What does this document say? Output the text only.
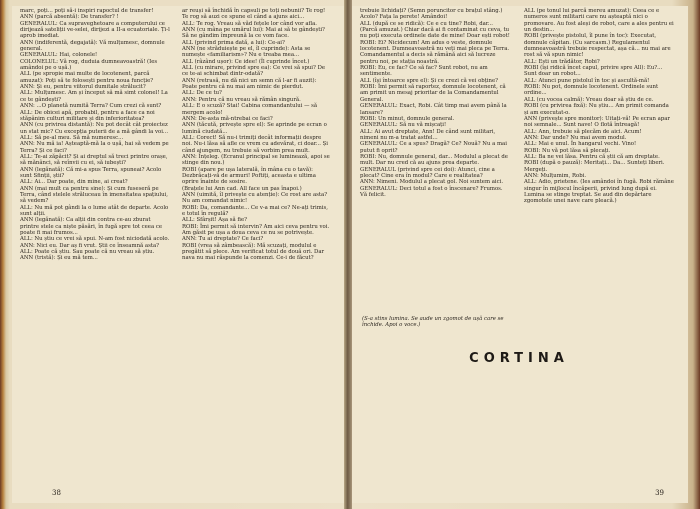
marc, poți... poți să-i inspiri rapoctul de transfer!

ANN (parcă absentă): De transfer? !

GENERALUL: Ca supraveghetoare a computerului ce dirijează sateliții ve-selei, dirijezi a II-a ecuatoriale. Ți-l aprob imediat.

ANN (indiferentă, degajată): Vă mulțumesc, domnule general.

GENERALUL: Hai, colonele!

COLONELUL: Vă rog, duduia dumneavoastră! (Ies amândoi pe o ușă.)

ALL (pe spropie mai multe de locotenent, parcă amuzat): Poți să te folosești pentru noua funcție?

ANN: Și eu, pentru viitorul dumitale strălucit?

ALL: Mulțumesc. Am și început să mă simt colonel! La ce te gândești?

ANN: ...O planetă numită Terra? Cum crezi că sunt?

ALL: De obicei apă, probabil, pentru a face ca noi stăpânim culturi militare și din inferioritatea?

ANN (cu privirea distantă): Nu pot decât cât proiectez un stat mic? Cu excepția puterii de a mă gândi la voi...

ALL: Să pe-al meu. Să mă numeresc...

ANN: Nu mă ia! Așteaptă-mă la o ușă, hai să vedem pe Terra? Și ce faci?

ALL: Te-ai zăpăcit? Și ai dreptul să treci printre orașe, să mănânci, să reînvii cu ei, să iubești?

ANN (legănată): Că mi-a spus Terra, spuneai? Acolo sunt Sfinții, știi?

ALL: Ai... Dar poate, din mine, ai creat?

ANN (mai mult ca pentru sine): Și cum fuseseră pe Terra, când stelele străluceau în imensitatea spațiului, să vedem?

ALL: Nu mă pot gândi la o lume atât de departe. Acolo sunt alții.

ANN (legănată): Ca alții din contra ce-au zburat printre stele ca niște păsări, în fugă spre tot ceea ce poate fi mai frumos...

ALL: Nu știu ce vrei să spui. N-am fost niciodată acolo.

ANN: Nici eu. Dar aș fi vrut. Știi ce înseamnă asta?

ALL: Poate că știu. Sau poate că nu vreau să știu.

ANN (tristă): Și eu mă tem...

ar reuși să închidă în capsuli pe toți nebunii? Te rog! Te rog să auzi ce spune el când a ajuns aici...

ALL: Te rog. Vreau să văd fețele lor când vor afla.

ANN (cu mâna pe umărul lui): Mai ai să te gândești? Să ne gândim împreună la ce vom face.

ALL (privind prima dată, a lui): Ce-ai?

ANN (ne străduiește pe el, îl cuprinde): Asta se numește «familiarism»? Nu e treaba mea...

ALL (râzând ușor): Ce idee! (Îl cuprinde încet.)

ALL (cu mirare, privind spre ea): Ce vrei să spui? De ce te-ai schimbat dintr-odată?

ANN (retrasă, nu dă nici un semn că l-ar fi auzit): Poate pentru că nu mai am nimic de pierdut.

ALL: De ce tu?

ANN: Pentru că nu vreau să rămân singură.

ALL: E o scuză? Stai! Cabina comandantului — să mergem acolo!

ANN: De-asta mă-ntrebai ce faci?

ANN (tăcută, privește spre el): Se aprinde pe ecran o lumină ciudată...

ALL: Corect! Să nu-i trimiți decât informații despre noi. Nu-i lăsa să afle ce vrem cu adevărat, ci doar... Și când ajungem, nu trebuie să vorbim prea mult.

ANN: Înțeleg. (Ecranul principal se luminează, apoi se stinge din nou.)

ROBI (apare pe ușa laterală, în mâna cu o tavă): Dezbrăcați-vă de armuri! Poftiți, aceasta e ultima oprire înainte de sosire.

(Brațele lui Ann cad. All face un pas înapoi.)

ANN (uimită, îl privește cu atenție): Ce rost are asta? Nu am comandat nimic!

ROBI: Da, comandante... Ce v-a mai ce? Ne-ați trimis, e totul în regulă?

ALL: Sfârșit! Așa să fie?

ROBI: Îmi permit să intervin? Am aici ceva pentru voi. Am găsit pe ușa a doua ceva ce nu se potrivește.

ANN: Tu ai dreptate? Ce faci?

ROBI (vrea să zâmbească): Mă scuzați, modulul e pregătit să plece. Am verificat totul de două ori. Dar nava nu mai răspunde la comenzi. Ce-i de făcut?

38

trebuie lichidați? (Semn poruncitor cu brațul stâng.) Acolo? Fața la perete! Amândoi!

ALL (după ce se ridică): Ce e cu tine? Robi, dar... (Parcă amuzat.) Chiar dacă ai fi contaminat cu ceva, tu nu poți executa ordinele date de mine! Doar ești robot!

ROBI: Ei? Nicidecum! Am adus o veste, domnule locotenent. Dumneavoastră nu veți mai pleca pe Terra. Comandamentul a decis să rămână aici să lucreze pentru noi, pe stația noastră.

ROBI: Eu, ce fac? Ce să fac? Sunt robot, nu am sentimente.

ALL (își întoarce spre el): Și ce crezi că vei obține?

ROBI: Îmi permit să raportez, domnule locotenent, că am primit un mesaj prioritar de la Comandamentul General.

GENERALUL: Exact, Robi. Cât timp mai avem până la lansare?

ROBI: Un minut, domnule general.

GENERALUL: Să nu vă mișcați!

ALL: Ai avut dreptate, Ann! De când sunt militari, nimeni nu m-a tratat astfel...

GENERALUL: Ce a spus? Dragă? Ce? Nouă? Nu a mai putut fi oprit?

ROBI: Nu, domnule general, dar... Modulul a plecat de mult. Dar nu cred că au ajuns prea departe.

GENERALUL (privind spre cei doi): Atunci, cine a plecat? Cine era în modul? Care e realitatea?

ANN: Nimeni. Modulul a plecat gol. Noi suntem aici.

GENERALUL: Deci totul a fost o înscenare? Frumos. Vă felicit.

(S-a stins lumina. Se aude un zgomot de ușă care se închide. Apoi o voce.)
CORTINA

ALL (pe tonul lui parcă mereu amuzat): Ceea ce e numeros sunt militarii care nu așteaptă nici o promovare. Au fost aleși de robot, care a ales pentru ei un destin...

ROBI (privește pistolul, îl pune în toc): Executat, domnule căpitan. (Cu sarcasm.) Regulamentul dumneavoastră trebuie respectat, așa că... nu mai are rost să vă spun nimic!

ALL: Ești un trădător, Robi?

ROBI (își ridică încet capul, privire spre All): Eu?... Sunt doar un robot...

ALL: Atunci pune pistolul în toc și ascultă-mă!

ROBI: Nu pot, domnule locotenent. Ordinele sunt ordine...

ALL (cu vocea calmă): Vreau doar să știu de ce.

ROBI (cu privirea fixă): Nu știu... Am primit comanda și am executat-o.

ANN (privește spre monitor): Uitați-vă! Pe ecran apar noi semnale... Sunt nave! O flotă întreagă!

ALL: Ann, trebuie să plecăm de aici. Acum!

ANN: Dar unde? Nu mai avem modul.

ALL: Mai e unul. În hangarul vechi. Vino!

ROBI: Nu vă pot lăsa să plecați.

ALL: Ba ne vei lăsa. Pentru că știi că am dreptate.

ROBI (după o pauză): Meritați... Da... Sunteți liberi. Mergeți.

ANN: Mulțumim, Robi.

ALL: Adio, prietene. (Ies amândoi în fugă. Robi rămâne singur în mijlocul încăperii, privind lung după ei. Lumina se stinge treptat. Se aud din depărtare zgomotele unei nave care pleacă.)

39
